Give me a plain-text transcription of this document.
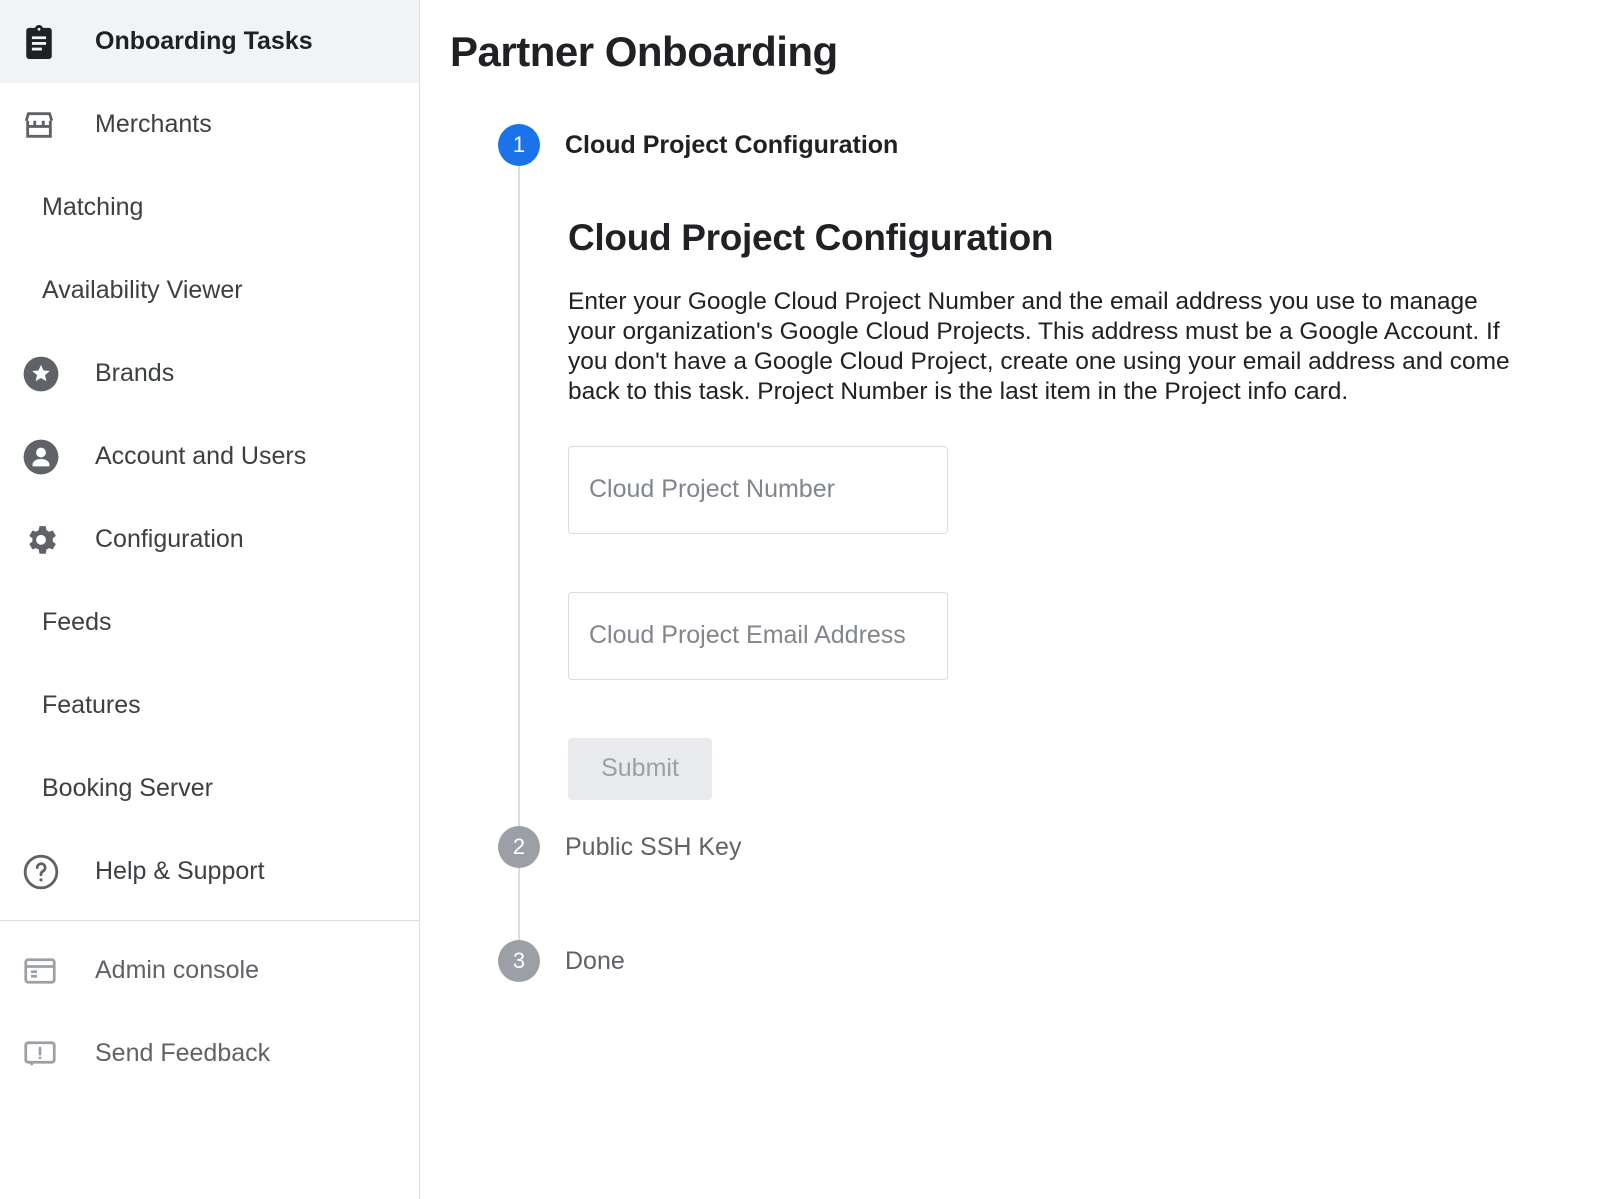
Onboarding Tasks
Merchants
Matching
Availability Viewer
Brands
Account and Users
Configuration
Feeds
Features
Booking Server
Help & Support
Admin console
Send Feedback
Partner Onboarding
1	Cloud Project Configuration
Cloud Project Configuration

Enter your Google Cloud Project Number and the email address you use to manage your organization's Google Cloud Projects. This address must be a Google Account. If you don't have a Google Cloud Project, create one using your email address and come back to this task. Project Number is the last item in the Project info card.

Cloud Project Number
Cloud Project Email Address Submit
2	Public SSH Key
3	Done
